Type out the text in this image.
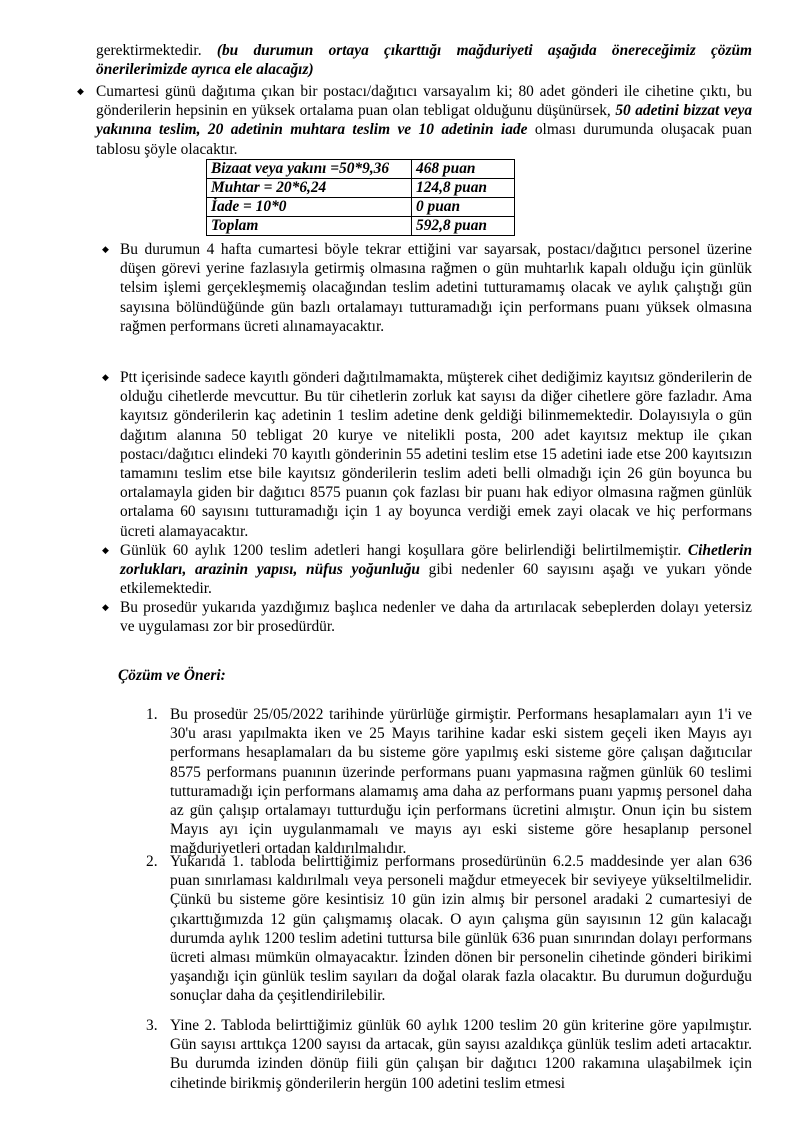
gerektirmektedir. (bu durumun ortaya çıkarttığı mağduriyeti aşağıda önereceğimiz çözüm önerilerimizde ayrıca ele alacağız)

◆ Cumartesi günü dağıtıma çıkan bir postacı/dağıtıcı varsayalım ki; 80 adet gönderi ile cihetine çıktı, bu gönderilerin hepsinin en yüksek ortalama puan olan tebligat olduğunu düşünürsek, 50 adetini bizzat veya yakınına teslim, 20 adetinin muhtara teslim ve 10 adetinin iade olması durumunda oluşacak puan tablosu şöyle olacaktır.

Bizaat veya yakını =50*9,36	468 puan
Muhtar = 20*6,24	124,8 puan
İade = 10*0	0 puan
Toplam	592,8 puan
◆ Bu durumun 4 hafta cumartesi böyle tekrar ettiğini var sayarsak, postacı/dağıtıcı personel üzerine düşen görevi yerine fazlasıyla getirmiş olmasına rağmen o gün muhtarlık kapalı olduğu için günlük telsim işlemi gerçekleşmemiş olacağından teslim adetini tutturamamış olacak ve aylık çalıştığı gün sayısına bölündüğünde gün bazlı ortalamayı tutturamadığı için performans puanı yüksek olmasına rağmen performans ücreti alınamayacaktır.

◆ Ptt içerisinde sadece kayıtlı gönderi dağıtılmamakta, müşterek cihet dediğimiz kayıtsız gönderilerin de olduğu cihetlerde mevcuttur. Bu tür cihetlerin zorluk kat sayısı da diğer cihetlere göre fazladır. Ama kayıtsız gönderilerin kaç adetinin 1 teslim adetine denk geldiği bilinmemektedir. Dolayısıyla o gün dağıtım alanına 50 tebligat 20 kurye ve nitelikli posta, 200 adet kayıtsız mektup ile çıkan postacı/dağıtıcı elindeki 70 kayıtlı gönderinin 55 adetini teslim etse 15 adetini iade etse 200 kayıtsızın tamamını teslim etse bile kayıtsız gönderilerin teslim adeti belli olmadığı için 26 gün boyunca bu ortalamayla giden bir dağıtıcı 8575 puanın çok fazlası bir puanı hak ediyor olmasına rağmen günlük ortalama 60 sayısını tutturamadığı için 1 ay boyunca verdiği emek zayi olacak ve hiç performans ücreti alamayacaktır.

◆ Günlük 60 aylık 1200 teslim adetleri hangi koşullara göre belirlendiği belirtilmemiştir. Cihetlerin zorlukları, arazinin yapısı, nüfus yoğunluğu gibi nedenler 60 sayısını aşağı ve yukarı yönde etkilemektedir.

◆ Bu prosedür yukarıda yazdığımız başlıca nedenler ve daha da artırılacak sebeplerden dolayı yetersiz ve uygulaması zor bir prosedürdür.

Çözüm ve Öneri:
1. Bu prosedür 25/05/2022 tarihinde yürürlüğe girmiştir. Performans hesaplamaları ayın 1'i ve 30'u arası yapılmakta iken ve 25 Mayıs tarihine kadar eski sistem geçeli iken Mayıs ayı performans hesaplamaları da bu sisteme göre yapılmış eski sisteme göre çalışan dağıtıcılar 8575 performans puanının üzerinde performans puanı yapmasına rağmen günlük 60 teslimi tutturamadığı için performans alamamış ama daha az performans puanı yapmış personel daha az gün çalışıp ortalamayı tutturduğu için performans ücretini almıştır. Onun için bu sistem Mayıs ayı için uygulanmamalı ve mayıs ayı eski sisteme göre hesaplanıp personel mağduriyetleri ortadan kaldırılmalıdır.

2. Yukarıda 1. tabloda belirttiğimiz performans prosedürünün 6.2.5 maddesinde yer alan 636 puan sınırlaması kaldırılmalı veya personeli mağdur etmeyecek bir seviyeye yükseltilmelidir. Çünkü bu sisteme göre kesintisiz 10 gün izin almış bir personel aradaki 2 cumartesiyi de çıkarttığımızda 12 gün çalışmamış olacak. O ayın çalışma gün sayısının 12 gün kalacağı durumda aylık 1200 teslim adetini tuttursa bile günlük 636 puan sınırından dolayı performans ücreti alması mümkün olmayacaktır. İzinden dönen bir personelin cihetinde gönderi birikimi yaşandığı için günlük teslim sayıları da doğal olarak fazla olacaktır. Bu durumun doğurduğu sonuçlar daha da çeşitlendirilebilir.

3. Yine 2. Tabloda belirttiğimiz günlük 60 aylık 1200 teslim 20 gün kriterine göre yapılmıştır. Gün sayısı arttıkça 1200 sayısı da artacak, gün sayısı azaldıkça günlük teslim adeti artacaktır. Bu durumda izinden dönüp fiili gün çalışan bir dağıtıcı 1200 rakamına ulaşabilmek için cihetinde birikmiş gönderilerin hergün 100 adetini teslim etmesi
